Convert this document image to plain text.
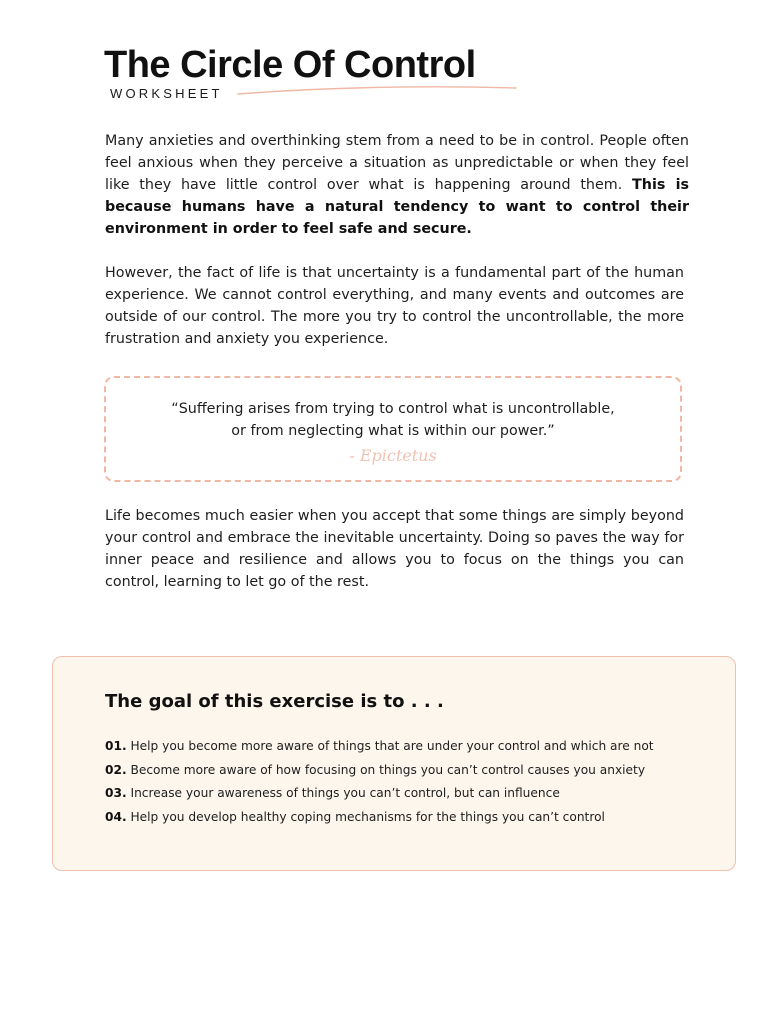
The Circle Of Control
WORKSHEET

Many anxieties and overthinking stem from a need to be in control. People often feel anxious when they perceive a situation as unpredictable or when they feel like they have little control over what is happening around them. This is because humans have a natural tendency to want to control their environment in order to feel safe and secure.

However, the fact of life is that uncertainty is a fundamental part of the human experience. We cannot control everything, and many events and outcomes are outside of our control. The more you try to control the uncontrollable, the more frustration and anxiety you experience.

“Suffering arises from trying to control what is uncontrollable,
or from neglecting what is within our power.”
- Epictetus

Life becomes much easier when you accept that some things are simply beyond your control and embrace the inevitable uncertainty. Doing so paves the way for inner peace and resilience and allows you to focus on the things you can control, learning to let go of the rest.

The goal of this exercise is to . . .
01. Help you become more aware of things that are under your control and which are not
02. Become more aware of how focusing on things you can’t control causes you anxiety
03. Increase your awareness of things you can’t control, but can influence
04. Help you develop healthy coping mechanisms for the things you can’t control
